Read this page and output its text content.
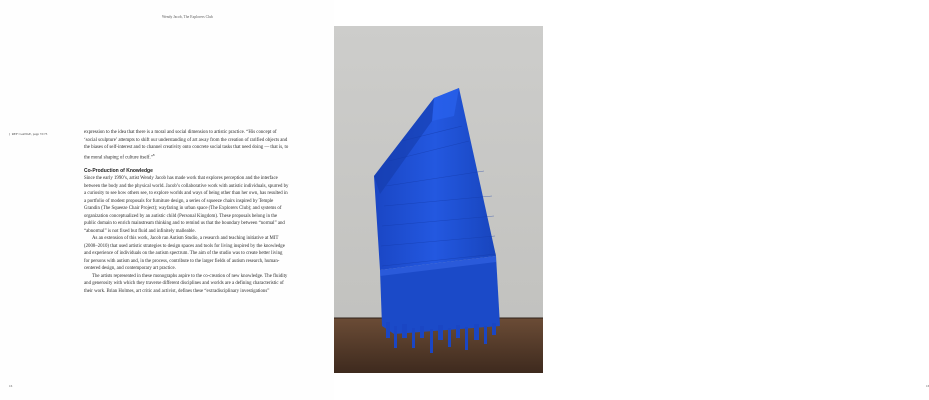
Wendy Jacob, The Explorers Club
| REF: GANGE, page 72/73	expression to the idea that there is a moral and social dimension to artistic practice. “His concept of ‘social sculpture’ attempts to shift our understanding of art away from the creation of rarified objects and the biases of self-interest and to channel creativity onto concrete social tasks that need doing — that is, to the moral shaping of culture itself.”$^8$

Co-Production of Knowledge

Since the early 1990’s, artist Wendy Jacob has made work that explores perception and the interface between the body and the physical world. Jacob’s collaborative work with autistic individuals, spurred by a curiosity to see how others see, to explore worlds and ways of being other than her own, has resulted in a portfolio of modest proposals for furniture design, a series of squeeze chairs inspired by Temple Grandin (The Squeeze Chair Project); wayfaring in urban space (The Explorers Club); and systems of organization conceptualized by an autistic child (Personal Kingdom). These proposals belong in the public domain to enrich mainstream thinking and to remind us that the boundary between “normal” and “abnormal” is not fixed but fluid and infinitely malleable.

As an extension of this work, Jacob ran Autism Studio, a research and teaching initiative at MIT (2008–2010) that used artistic strategies to design spaces and tools for living inspired by the knowledge and experience of individuals on the autism spectrum. The aim of the studio was to create better living for persons with autism and, in the process, contribute to the larger fields of autism research, human-centered design, and contemporary art practice.

The artists represented in these monographs aspire to the co-creation of new knowledge. The fluidity and generosity with which they traverse different disciplines and worlds are a defining characteristic of their work. Brian Holmes, art critic and activist, defines these “extradisciplinary investigations”

16	16
